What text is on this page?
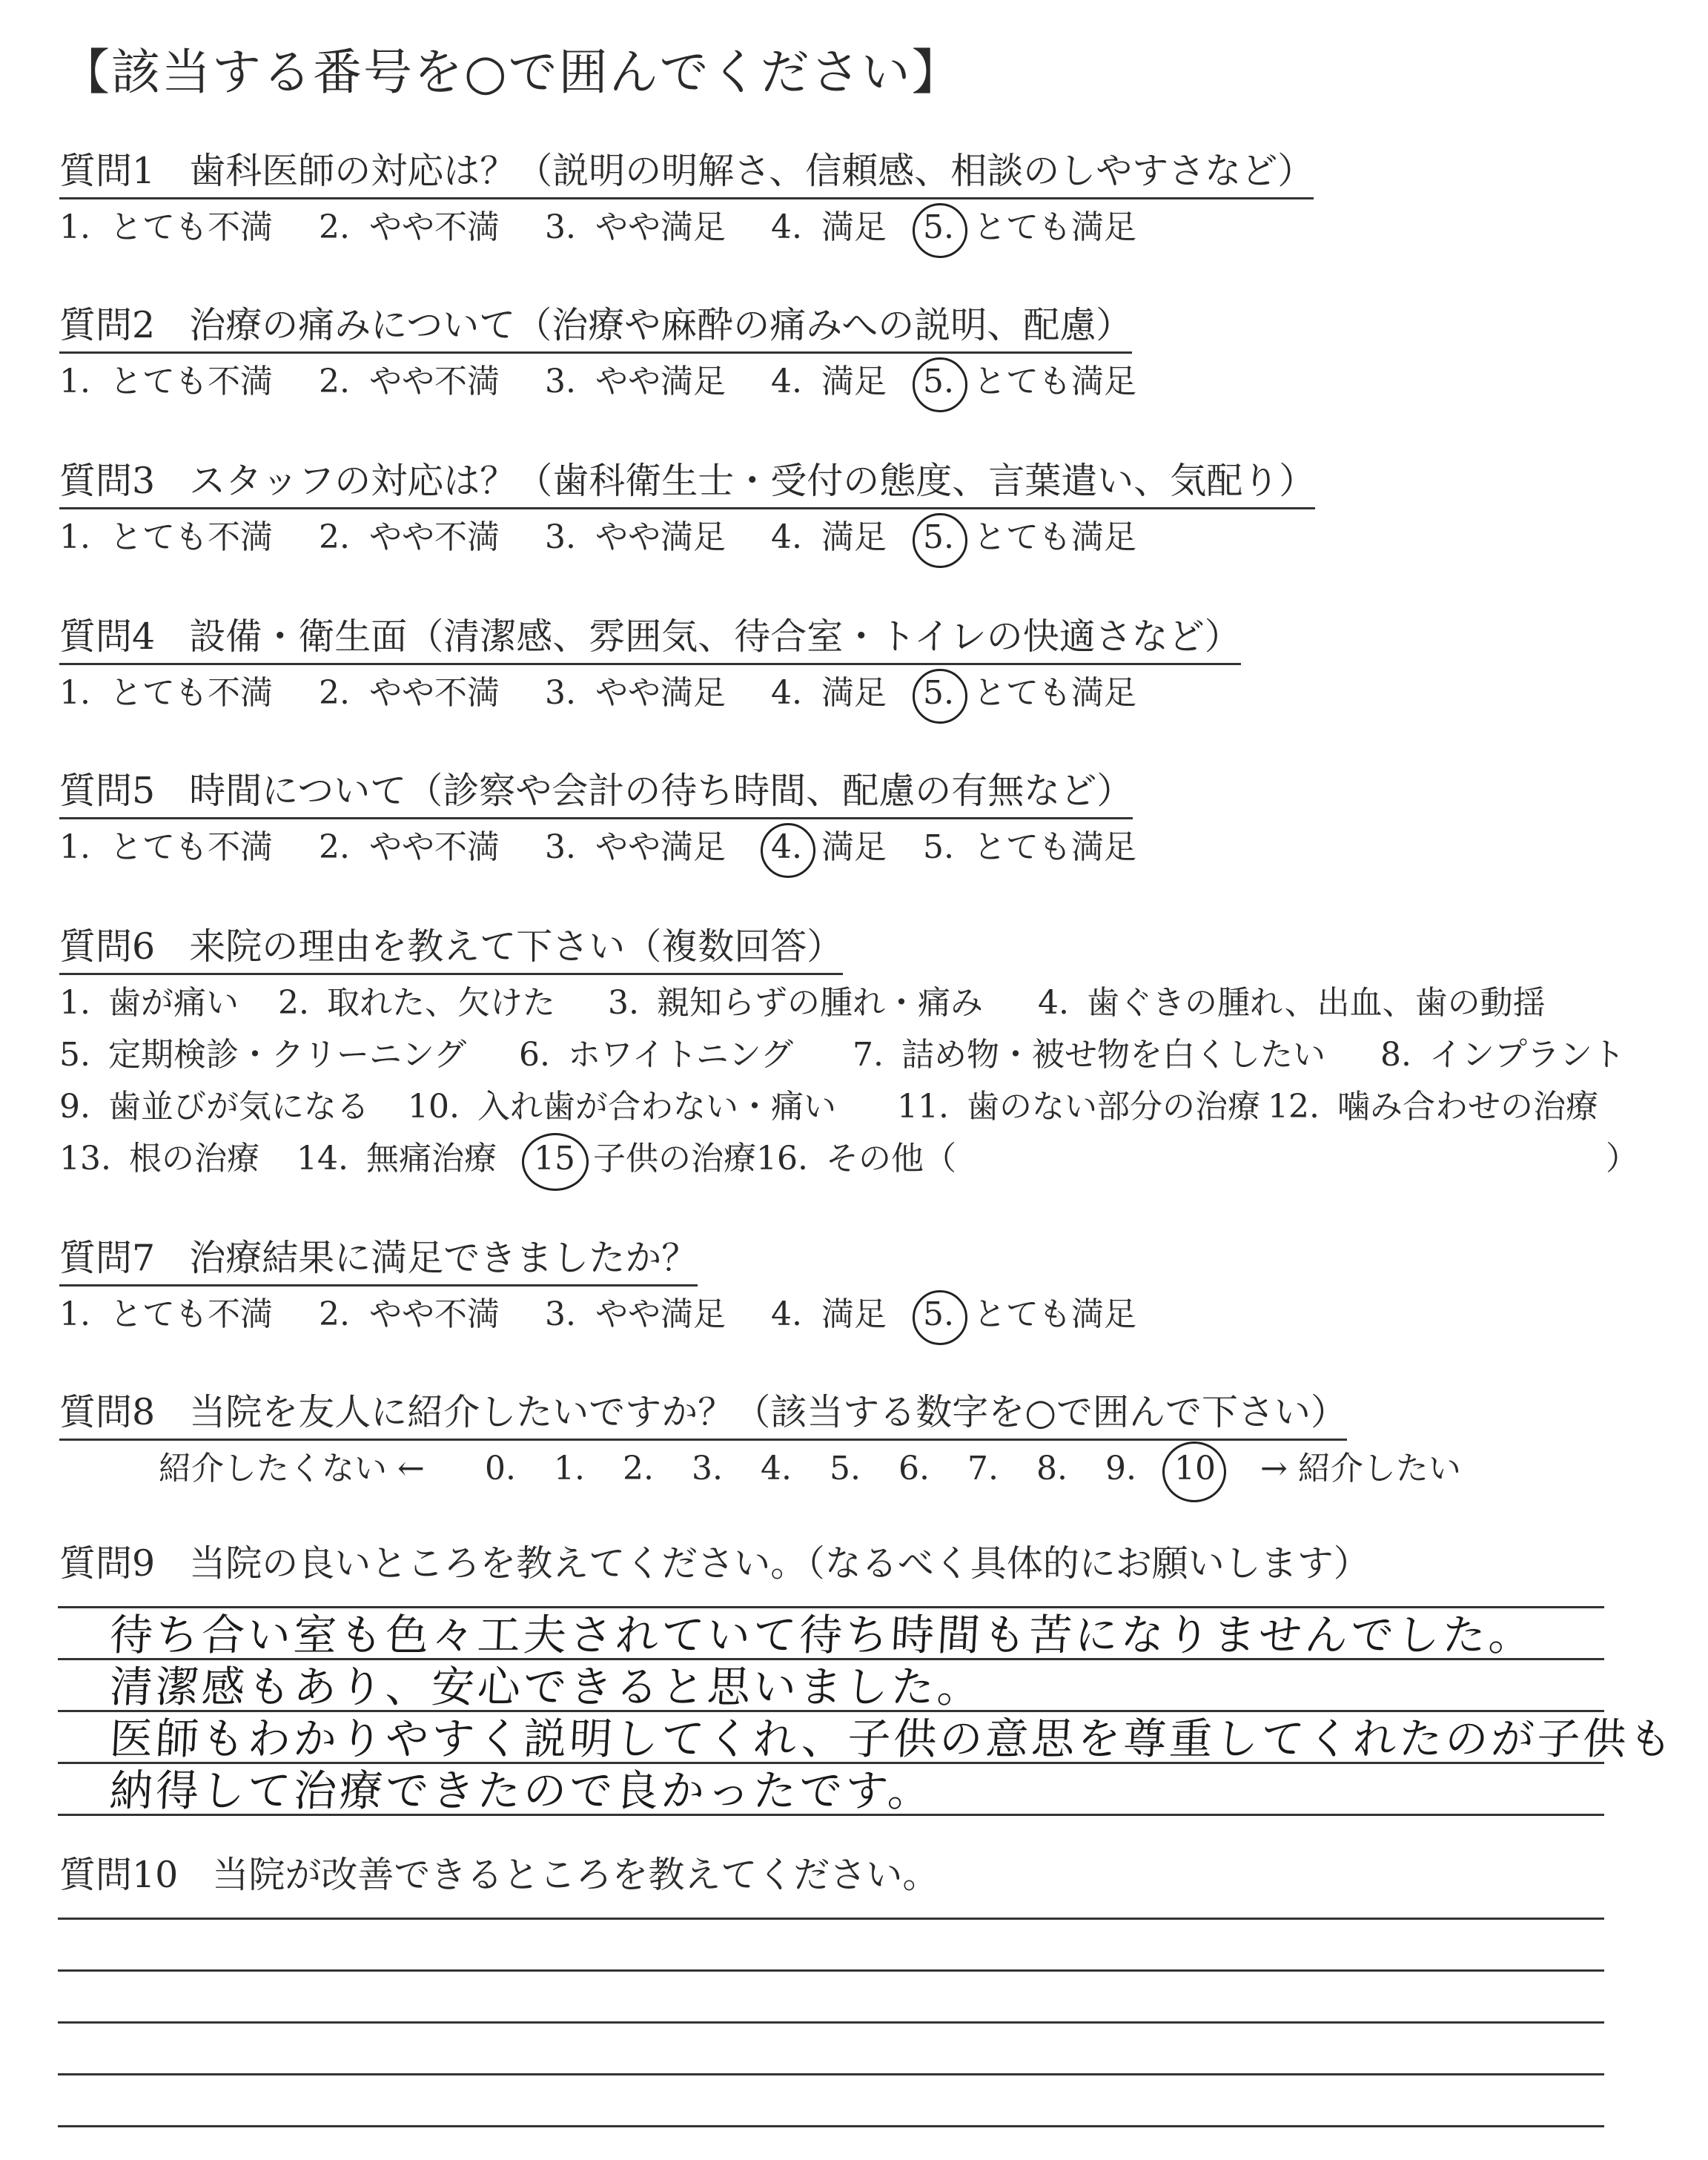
【該当する番号を○で囲んでください】
質問1 歯科医師の対応は？（説明の明解さ、信頼感、相談のしやすさなど）
1. とても不満 2. やや不満 3. やや満足 4. 満足 5. とても満足
質問2 治療の痛みについて（治療や麻酔の痛みへの説明、配慮）
1. とても不満 2. やや不満 3. やや満足 4. 満足 5. とても満足
質問3 スタッフの対応は？（歯科衛生士・受付の態度、言葉遣い、気配り）
1. とても不満 2. やや不満 3. やや満足 4. 満足 5. とても満足
質問4 設備・衛生面（清潔感、雰囲気、待合室・トイレの快適さなど）
1. とても不満 2. やや不満 3. やや満足 4. 満足 5. とても満足
質問5 時間について（診察や会計の待ち時間、配慮の有無など）
1. とても不満 2. やや不満 3. やや満足 4. 満足 5. とても満足
質問6 来院の理由を教えて下さい（複数回答）
1. 歯が痛い 2. 取れた、欠けた 3. 親知らずの腫れ・痛み 4. 歯ぐきの腫れ、出血、歯の動揺
5. 定期検診・クリーニング 6. ホワイトニング 7. 詰め物・被せ物を白くしたい 8. インプラント
9. 歯並びが気になる 10. 入れ歯が合わない・痛い 11. 歯のない部分の治療 12. 噛み合わせの治療
13. 根の治療 14. 無痛治療 15 子供の治療 16. その他（	）
質問7 治療結果に満足できましたか？
1. とても不満 2. やや不満 3. やや満足 4. 満足 5. とても満足
質問8 当院を友人に紹介したいですか？（該当する数字を○で囲んで下さい）
紹介したくない ← 0. 1. 2. 3. 4. 5. 6. 7. 8. 9. 10 → 紹介したい
質問9 当院の良いところを教えてください。（なるべく具体的にお願いします）
待ち合い室も色々工夫されていて待ち時間も苦になりませんでした。
清潔感もあり、安心できると思いました。
医師もわかりやすく説明してくれ、子供の意思を尊重してくれたのが子供も
納得して治療できたので良かったです。
質問10 当院が改善できるところを教えてください。
